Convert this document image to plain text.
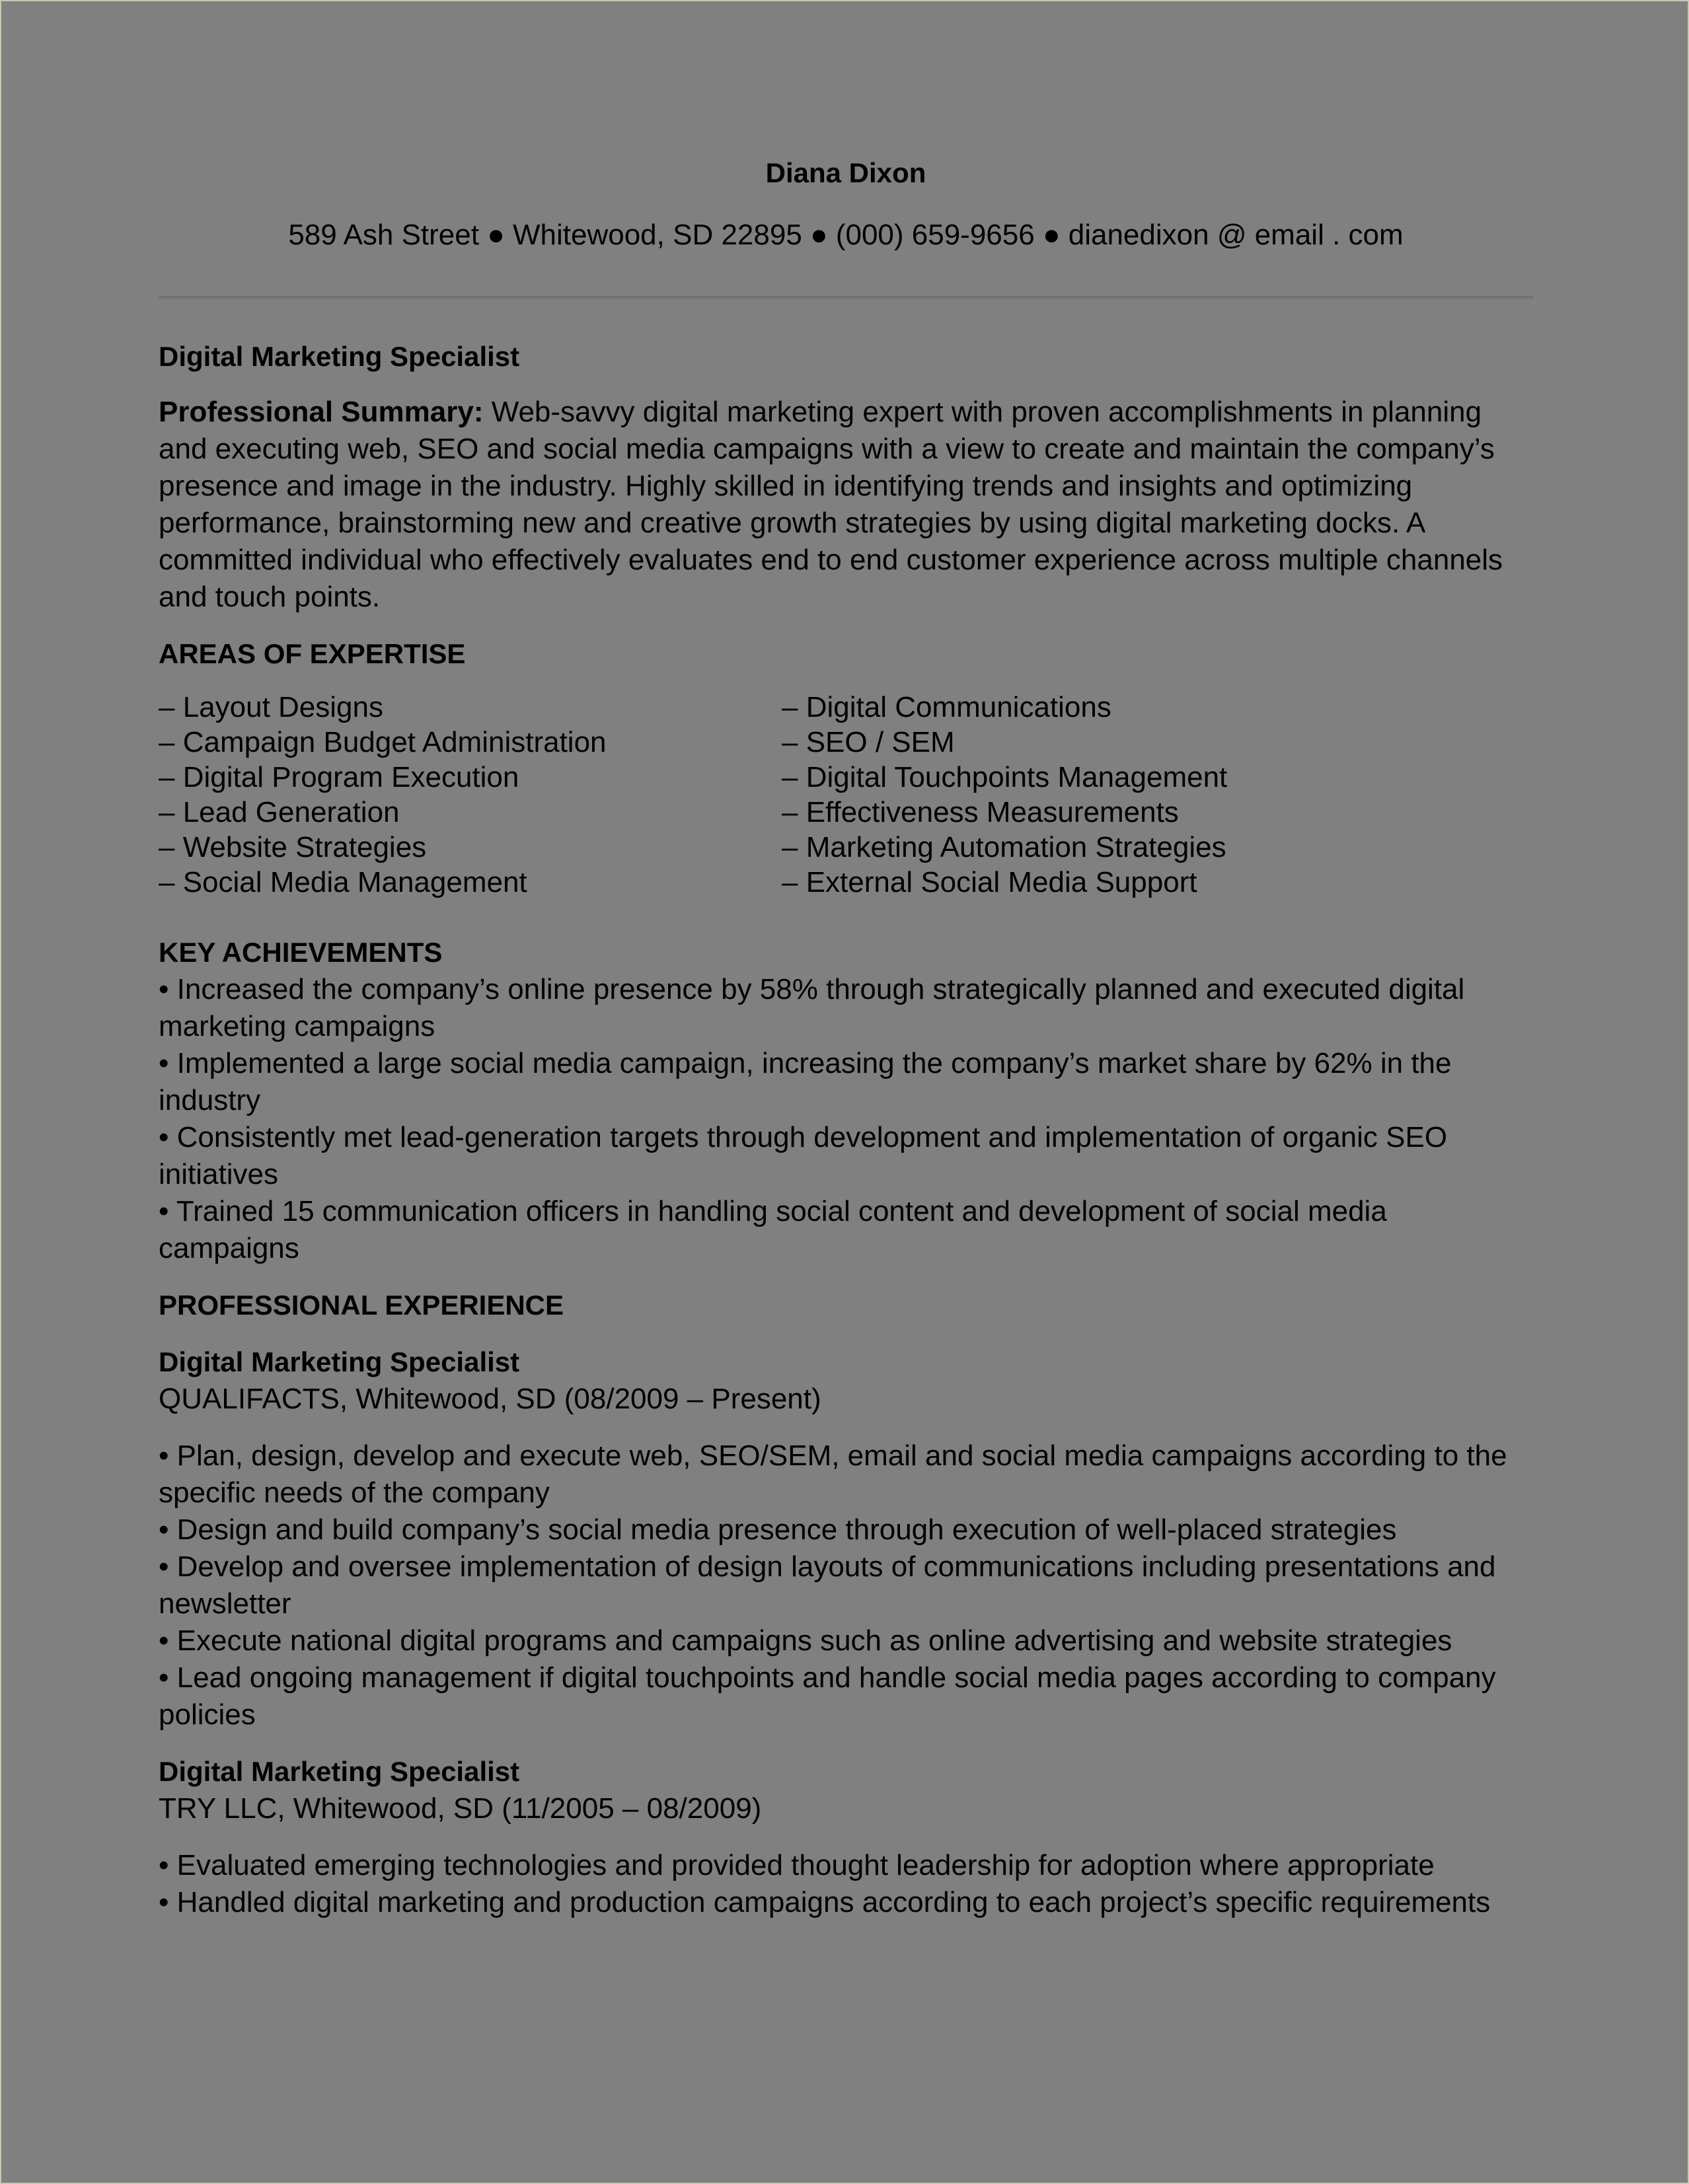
Diana Dixon
589 Ash Street ● Whitewood, SD 22895 ● (000) 659-9656 ● dianedixon @ email . com
Digital Marketing Specialist
Professional Summary: Web-savvy digital marketing expert with proven accomplishments in planning and executing web, SEO and social media campaigns with a view to create and maintain the company’s presence and image in the industry. Highly skilled in identifying trends and insights and optimizing performance, brainstorming new and creative growth strategies by using digital marketing docks. A committed individual who effectively evaluates end to end customer experience across multiple channels and touch points.
AREAS OF EXPERTISE
– Layout Designs
– Campaign Budget Administration
– Digital Program Execution
– Lead Generation
– Website Strategies
– Social Media Management
– Digital Communications
– SEO / SEM
– Digital Touchpoints Management
– Effectiveness Measurements
– Marketing Automation Strategies
– External Social Media Support
KEY ACHIEVEMENTS
• Increased the company’s online presence by 58% through strategically planned and executed digital marketing campaigns
• Implemented a large social media campaign, increasing the company’s market share by 62% in the industry
• Consistently met lead-generation targets through development and implementation of organic SEO initiatives
• Trained 15 communication officers in handling social content and development of social media campaigns
PROFESSIONAL EXPERIENCE
Digital Marketing Specialist
QUALIFACTS, Whitewood, SD (08/2009 – Present)
• Plan, design, develop and execute web, SEO/SEM, email and social media campaigns according to the specific needs of the company
• Design and build company’s social media presence through execution of well-placed strategies
• Develop and oversee implementation of design layouts of communications including presentations and newsletter
• Execute national digital programs and campaigns such as online advertising and website strategies
• Lead ongoing management if digital touchpoints and handle social media pages according to company policies
Digital Marketing Specialist
TRY LLC, Whitewood, SD (11/2005 – 08/2009)
• Evaluated emerging technologies and provided thought leadership for adoption where appropriate
• Handled digital marketing and production campaigns according to each project’s specific requirements
